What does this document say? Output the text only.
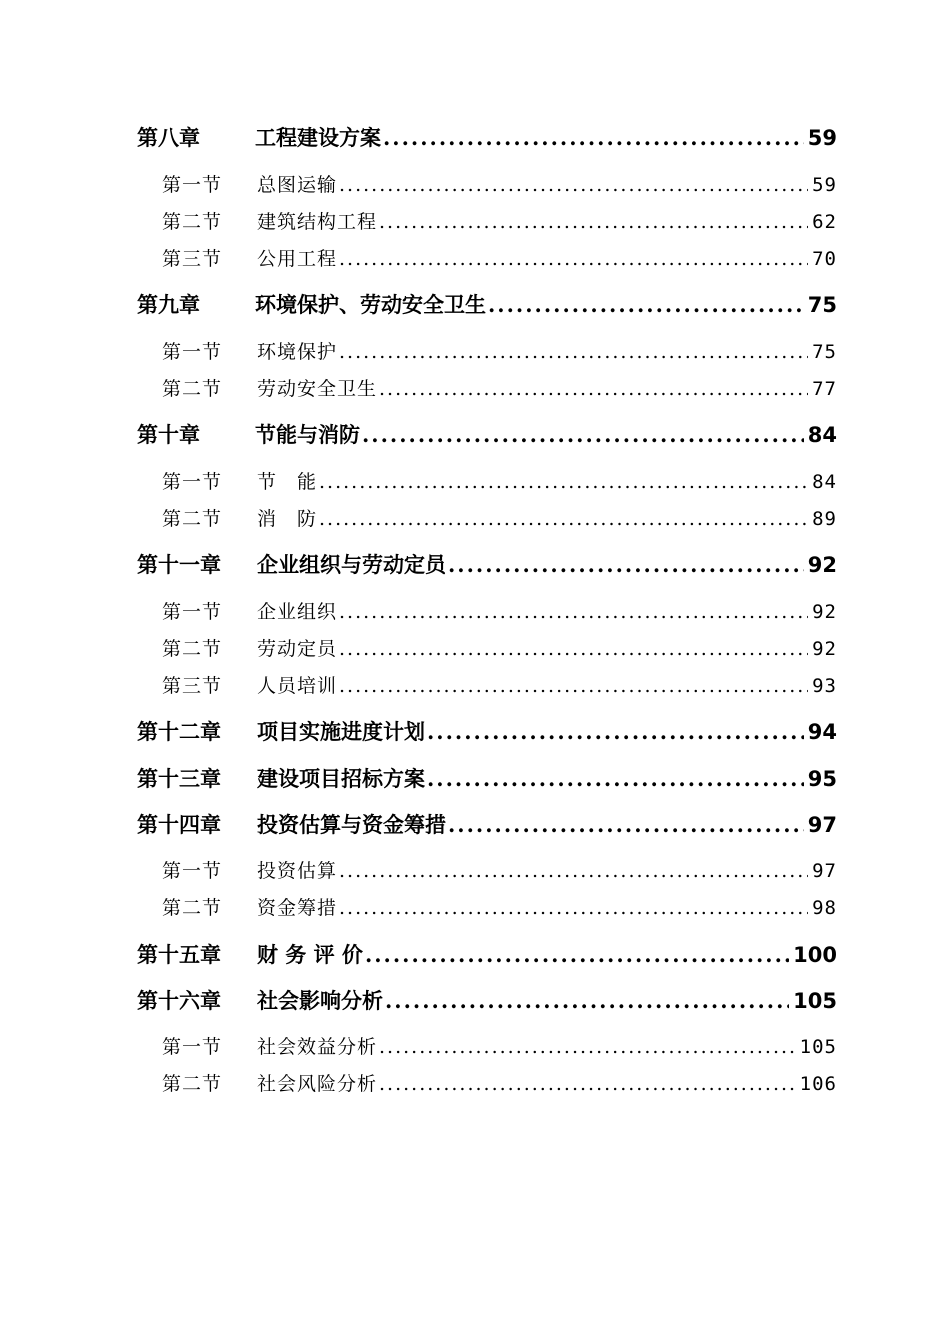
第八章	工程建设方案 .....	59
第一节	总图运输 .....	59
第二节	建筑结构工程 .....	62
第三节	公用工程 .....	70
第九章	环境保护、劳动安全卫生 .....	75
第一节	环境保护 .....	75
第二节	劳动安全卫生 .....	77
第十章	节能与消防 .....	84
第一节	节　能 .....	84
第二节	消　防 .....	89
第十一章	企业组织与劳动定员 .....	92
第一节	企业组织 .....	92
第二节	劳动定员 .....	92
第三节	人员培训 .....	93
第十二章	项目实施进度计划 .....	94
第十三章	建设项目招标方案 .....	95
第十四章	投资估算与资金筹措 .....	97
第一节	投资估算 .....	97
第二节	资金筹措 .....	98
第十五章	财 务 评 价 .....	100
第十六章	社会影响分析 .....	105
第一节	社会效益分析 .....	105
第二节	社会风险分析 .....	106
